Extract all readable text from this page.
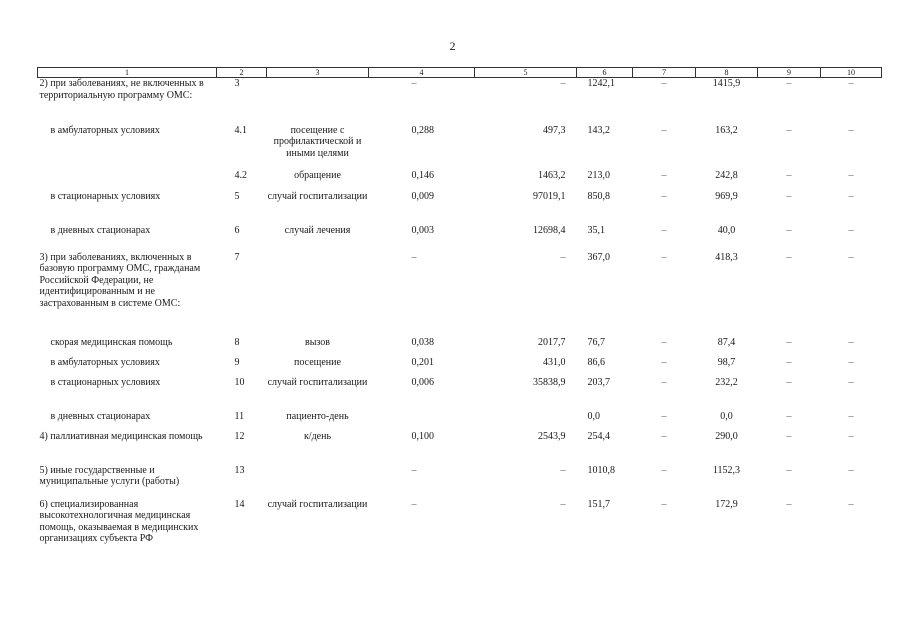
2
1	2	3	4	5	6	7	8	9	10
2) при заболеваниях, не включенных в территориальную программу ОМС:	3		–	–	1242,1	–	1415,9	–	–
в амбулаторных условиях	4.1	посещение с профилактической и иными целями	0,288	497,3	143,2	–	163,2	–	–
	4.2	обращение	0,146	1463,2	213,0	–	242,8	–	–
в стационарных условиях	5	случай госпитализации	0,009	97019,1	850,8	–	969,9	–	–
в дневных стационарах	6	случай лечения	0,003	12698,4	35,1	–	40,0	–	–
3) при заболеваниях, включенных в базовую программу ОМС, гражданам Российской Федерации, не идентифицированным и не застрахованным в системе ОМС:	7		–	–	367,0	–	418,3	–	–
скорая медицинская помощь	8	вызов	0,038	2017,7	76,7	–	87,4	–	–
в амбулаторных условиях	9	посещение	0,201	431,0	86,6	–	98,7	–	–
в стационарных условиях	10	случай госпитализации	0,006	35838,9	203,7	–	232,2	–	–
в дневных стационарах	11	пациенто-день			0,0	–	0,0	–	–
4) паллиативная медицинская помощь	12	к/день	0,100	2543,9	254,4	–	290,0	–	–
5) иные государственные и муниципальные услуги (работы)	13		–	–	1010,8	–	1152,3	–	–
6) специализированная высокотехнологичная медицинская помощь, оказываемая в медицинских организациях субъекта РФ	14	случай госпитализации	–	–	151,7	–	172,9	–	–
